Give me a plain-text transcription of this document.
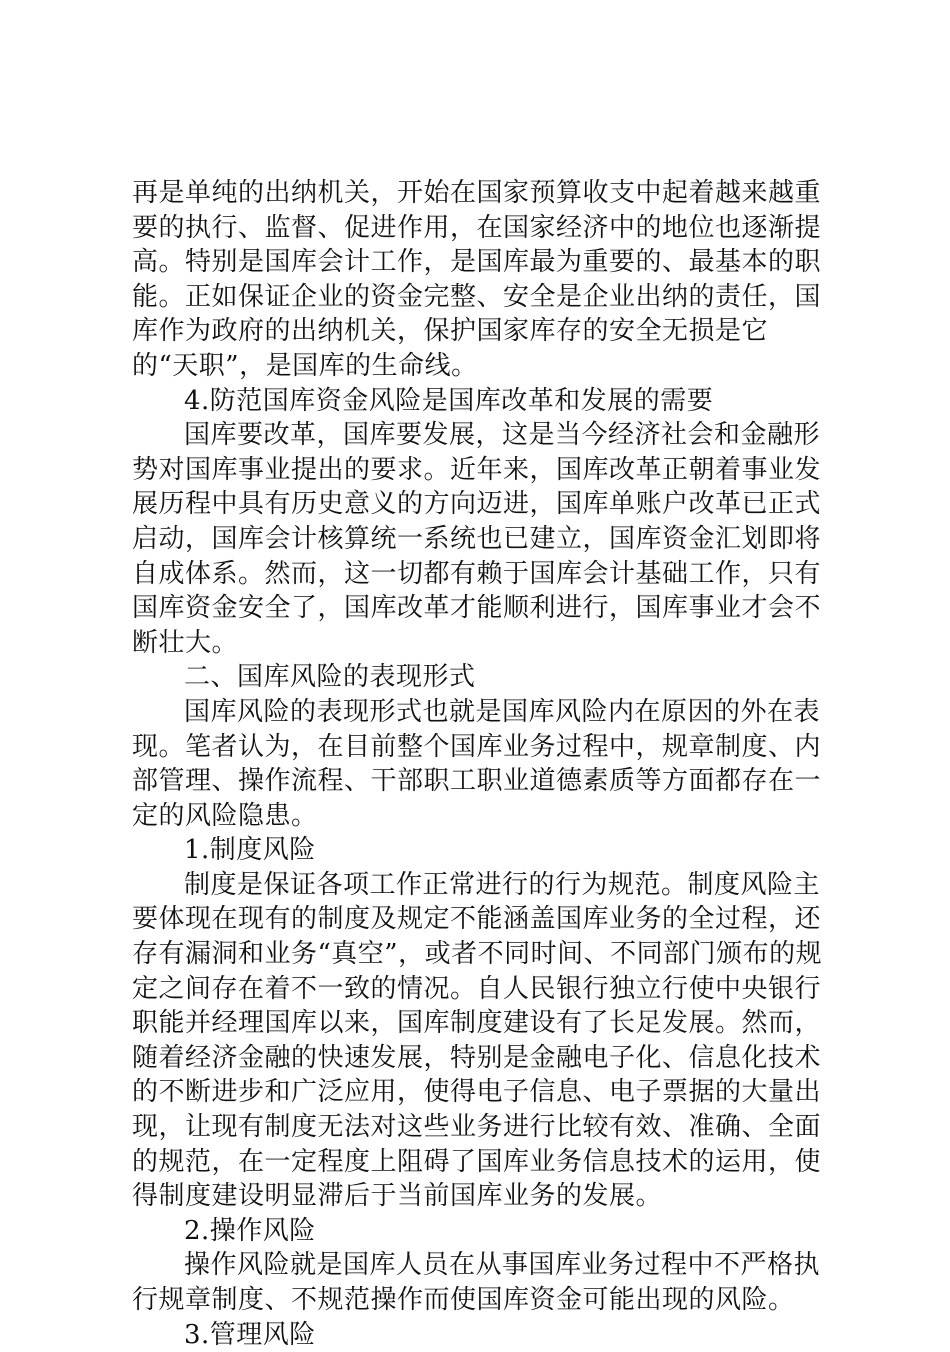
再是单纯的出纳机关，开始在国家预算收支中起着越来越重要的执行、监督、促进作用，在国家经济中的地位也逐渐提高。特别是国库会计工作，是国库最为重要的、最基本的职能。正如保证企业的资金完整、安全是企业出纳的责任，国库作为政府的出纳机关，保护国家库存的安全无损是它的“天职”，是国库的生命线。

4.防范国库资金风险是国库改革和发展的需要

国库要改革，国库要发展，这是当今经济社会和金融形势对国库事业提出的要求。近年来，国库改革正朝着事业发展历程中具有历史意义的方向迈进，国库单账户改革已正式启动，国库会计核算统一系统也已建立，国库资金汇划即将自成体系。然而，这一切都有赖于国库会计基础工作，只有国库资金安全了，国库改革才能顺利进行，国库事业才会不断壮大。

二、国库风险的表现形式

国库风险的表现形式也就是国库风险内在原因的外在表现。笔者认为，在目前整个国库业务过程中，规章制度、内部管理、操作流程、干部职工职业道德素质等方面都存在一定的风险隐患。

1.制度风险

制度是保证各项工作正常进行的行为规范。制度风险主要体现在现有的制度及规定不能涵盖国库业务的全过程，还存有漏洞和业务“真空”，或者不同时间、不同部门颁布的规定之间存在着不一致的情况。自人民银行独立行使中央银行职能并经理国库以来，国库制度建设有了长足发展。然而，随着经济金融的快速发展，特别是金融电子化、信息化技术的不断进步和广泛应用，使得电子信息、电子票据的大量出现，让现有制度无法对这些业务进行比较有效、准确、全面的规范，在一定程度上阻碍了国库业务信息技术的运用，使得制度建设明显滞后于当前国库业务的发展。

2.操作风险

操作风险就是国库人员在从事国库业务过程中不严格执行规章制度、不规范操作而使国库资金可能出现的风险。

3.管理风险
